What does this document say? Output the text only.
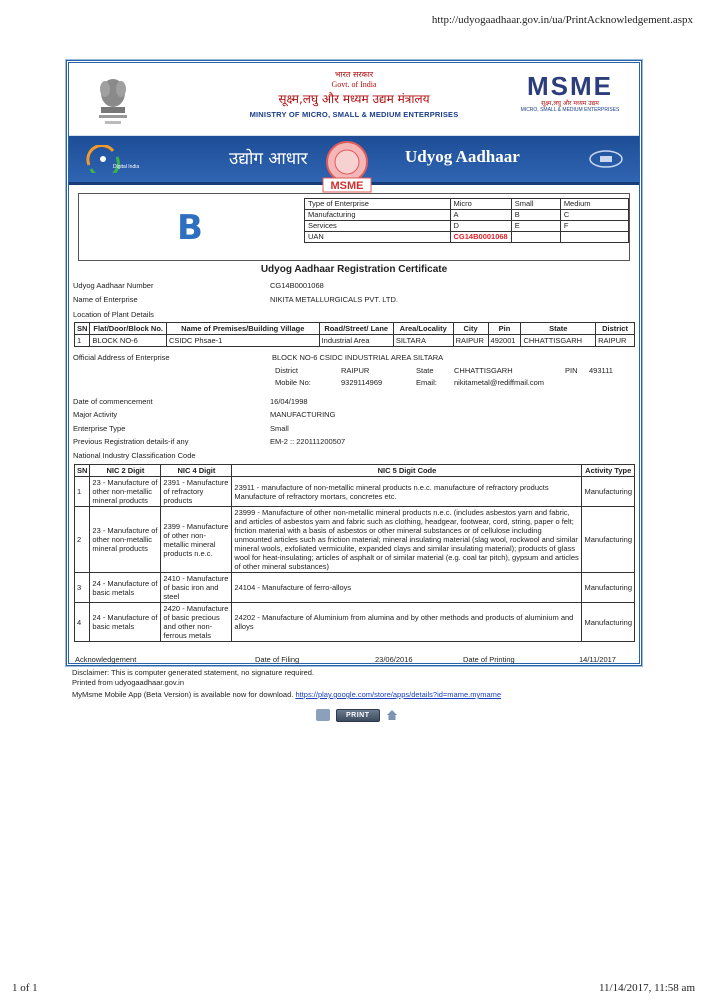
http://udyogaadhaar.gov.in/ua/PrintAcknowledgement.aspx
भारत सरकार
Govt. of India
सूक्ष्म,लघु और मध्यम उद्यम मंत्रालय
MINISTRY OF MICRO, SMALL & MEDIUM ENTERPRISES
MSME
सूक्ष्म,लघु और मध्यम उद्यम
MICRO, SMALL & MEDIUM ENTERPRISES
Digital India	उद्योग आधार
MSME
Udyog Aadhaar
B
Type of Enterprise	Micro	Small	Medium
Manufacturing	A	B	C
Services	D	E	F
UAN	CG14B0001068		
Udyog Aadhaar Registration Certificate
Udyog Aadhaar Number	CG14B0001068
Name of Enterprise	NIKITA METALLURGICALS PVT. LTD.
Location of Plant Details
SN	Flat/Door/Block No.	Name of Premises/Building Village	Road/Street/ Lane	Area/Locality	City	Pin	State	District
1	BLOCK NO-6	CSIDC Phsae-1	Industrial Area	SILTARA	RAIPUR	492001	CHHATTISGARH	RAIPUR
Official Address of Enterprise	BLOCK NO-6 CSIDC INDUSTRIAL AREA SILTARA
District	RAIPUR	State	CHHATTISGARH	PIN 493111
Mobile No:	9329114969	Email: nikitametal@rediffmail.com
Date of commencement	16/04/1998
Major Activity	MANUFACTURING
Enterprise Type	Small
Previous Registration details-if any	EM-2 :: 220111200507
National Industry Classification Code
SN	NIC 2 Digit	NIC 4 Digit	NIC 5 Digit Code	Activity Type
1	23 - Manufacture of other non-metallic mineral products	2391 - Manufacture of refractory products	23911 - manufacture of non-metallic mineral products n.e.c. manufacture of refractory products Manufacture of refractory mortars, concretes etc.	Manufacturing
2	23 - Manufacture of other non-metallic mineral products	2399 - Manufacture of other non-metallic mineral products n.e.c.	23999 - Manufacture of other non-metallic mineral products n.e.c. (includes asbestos yarn and fabric, and articles of asbestos yarn and fabric such as clothing, headgear, footwear, cord, string, paper o felt; friction material with a basis of asbestos or other mineral substances or of cellulose including unmounted articles such as friction material; mineral insulating material (slag wool, rockwool and similar mineral wools, exfoliated vermiculite, expanded clays and similar insulating material); products of glass wool for heat-insulating; articles of asphalt or of similar material (e.g. coal tar pitch), gypsum and articles of other mineral substances)	Manufacturing
3	24 - Manufacture of basic metals	2410 - Manufacture of basic iron and steel	24104 - Manufacture of ferro-alloys	Manufacturing
4	24 - Manufacture of basic metals	2420 - Manufacture of basic precious and other non-ferrous metals	24202 - Manufacture of Aluminium from alumina and by other methods and products of aluminium and alloys	Manufacturing
Acknowledgement	Date of Filing	23/06/2016	Date of Printing	14/11/2017
Disclaimer: This is computer generated statement, no signature required.
Printed from udyogaadhaar.gov.in
MyMsme Mobile App (Beta Version) is available now for download. https://play.google.com/store/apps/details?id=mame.mymame
PRINT
1 of 1	11/14/2017, 11:58 am
